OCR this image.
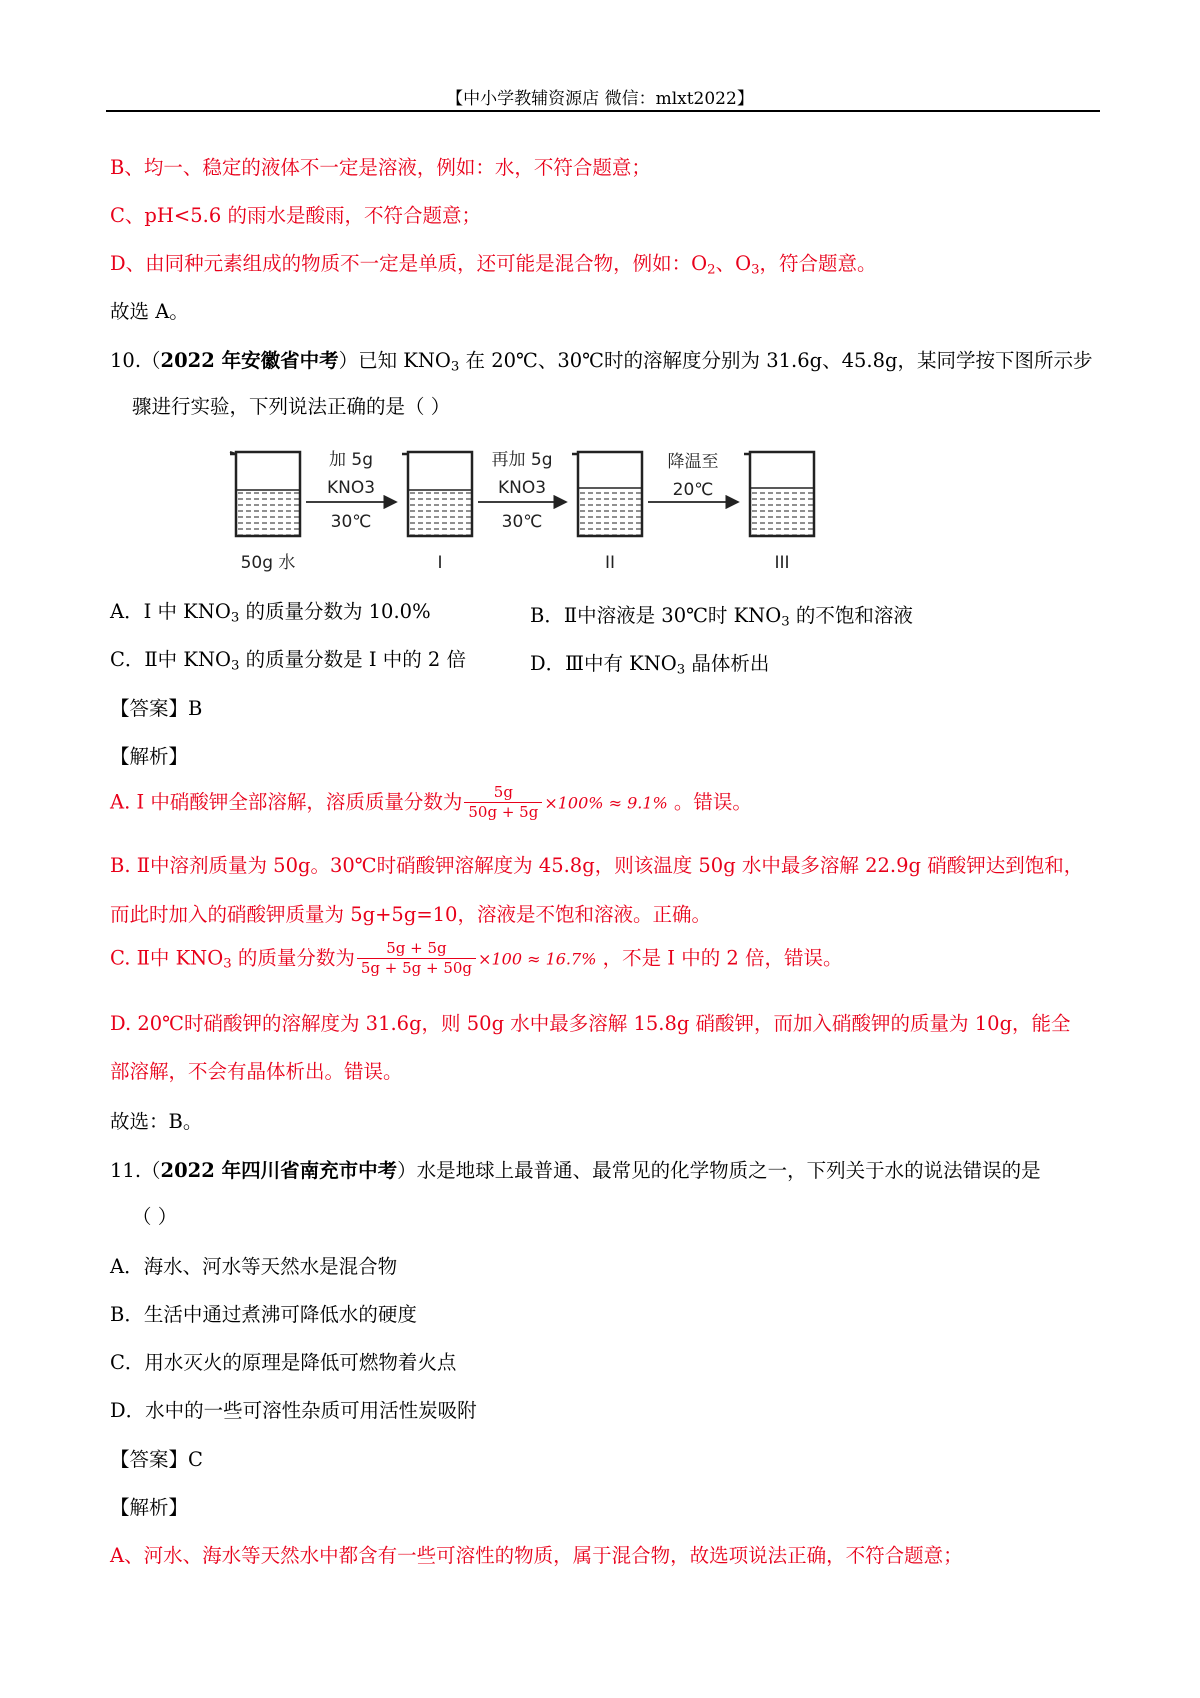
【中小学教辅资源店 微信：mlxt2022】
B、均一、稳定的液体不一定是溶液，例如：水，不符合题意；
C、pH<5.6 的雨水是酸雨，不符合题意；
D、由同种元素组成的物质不一定是单质，还可能是混合物，例如：$O_2$、$O_3$，符合题意。
故选 A。
10.（2022 年安徽省中考）已知 $KNO_3$ 在 20℃、30℃时的溶解度分别为 31.6g、45.8g，某同学按下图所示步
骤进行实验，下列说法正确的是（ ）
加 5g
KNO3
30℃
再加 5g
KNO3
30℃
降温至
20℃
50g 水	I	II	III
A．I 中 $KNO_3$ 的质量分数为 10.0%	B．Ⅱ中溶液是 30℃时 $KNO_3$ 的不饱和溶液
C．Ⅱ中 $KNO_3$ 的质量分数是 I 中的 2 倍	D．Ⅲ中有 $KNO_3$ 晶体析出
【答案】B
【解析】
A. I 中硝酸钾全部溶解，溶质质量分数为 $\frac{5g}{50g + 5g} \times 100\% \approx 9.1\%$ 。错误。
B. Ⅱ中溶剂质量为 50g。30℃时硝酸钾溶解度为 45.8g，则该温度 50g 水中最多溶解 22.9g 硝酸钾达到饱和，
而此时加入的硝酸钾质量为 5g+5g=10，溶液是不饱和溶液。正确。
C. Ⅱ中 $KNO_3$ 的质量分数为 $\frac{5g + 5g}{5g + 5g + 50g} \times 100 \approx 16.7\%$ ，不是 I 中的 2 倍，错误。
D. 20℃时硝酸钾的溶解度为 31.6g，则 50g 水中最多溶解 15.8g 硝酸钾，而加入硝酸钾的质量为 10g，能全
部溶解，不会有晶体析出。错误。
故选：B。
11.（2022 年四川省南充市中考）水是地球上最普通、最常见的化学物质之一，下列关于水的说法错误的是
（ ）
A．海水、河水等天然水是混合物
B．生活中通过煮沸可降低水的硬度
C．用水灭火的原理是降低可燃物着火点
D．水中的一些可溶性杂质可用活性炭吸附
【答案】C
【解析】
A、河水、海水等天然水中都含有一些可溶性的物质，属于混合物，故选项说法正确，不符合题意；
